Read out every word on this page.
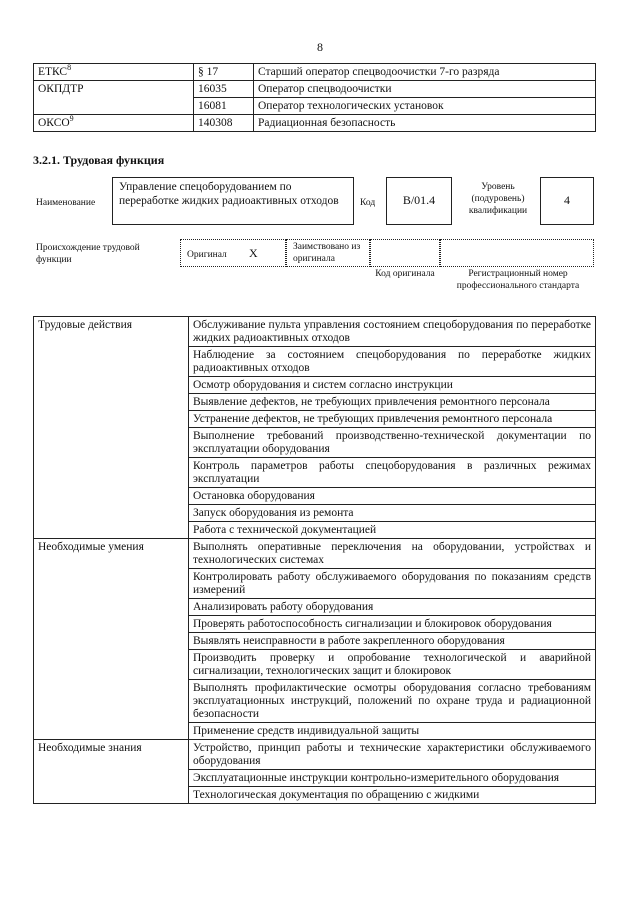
8
ЕТКС$^8$	§ 17	Старший оператор спецводоочистки 7-го разряда
ОКПДТР	16035	Оператор спецводоочистки
	16081	Оператор технологических установок
ОКСО$^9$	140308	Радиационная безопасность
3.2.1. Трудовая функция
Наименование
Управление спецоборудованием по переработке жидких радиоактивных отходов	Код	B/01.4
Уровень (подуровень) квалификации
4
Происхождение трудовой функции	Оригинал X	Заимствовано из оригинала
Код оригинала	Регистрационный номер профессионального стандарта
Трудовые действия	Обслуживание пульта управления состоянием спецоборудования по переработке жидких радиоактивных отходов
	Наблюдение за состоянием спецоборудования по переработке жидких радиоактивных отходов
	Осмотр оборудования и систем согласно инструкции
	Выявление дефектов, не требующих привлечения ремонтного персонала
	Устранение дефектов, не требующих привлечения ремонтного персонала
	Выполнение требований производственно-технической документации по эксплуатации оборудования
	Контроль параметров работы спецоборудования в различных режимах эксплуатации
	Остановка оборудования
	Запуск оборудования из ремонта
	Работа с технической документацией
Необходимые умения	Выполнять оперативные переключения на оборудовании, устройствах и технологических системах
	Контролировать работу обслуживаемого оборудования по показаниям средств измерений
	Анализировать работу оборудования
	Проверять работоспособность сигнализации и блокировок оборудования
	Выявлять неисправности в работе закрепленного оборудования
	Производить проверку и опробование технологической и аварийной сигнализации, технологических защит и блокировок
	Выполнять профилактические осмотры оборудования согласно требованиям эксплуатационных инструкций, положений по охране труда и радиационной безопасности
	Применение средств индивидуальной защиты
Необходимые знания	Устройство, принцип работы и технические характеристики обслуживаемого оборудования
	Эксплуатационные инструкции контрольно-измерительного оборудования
	Технологическая документация по обращению с жидкими
